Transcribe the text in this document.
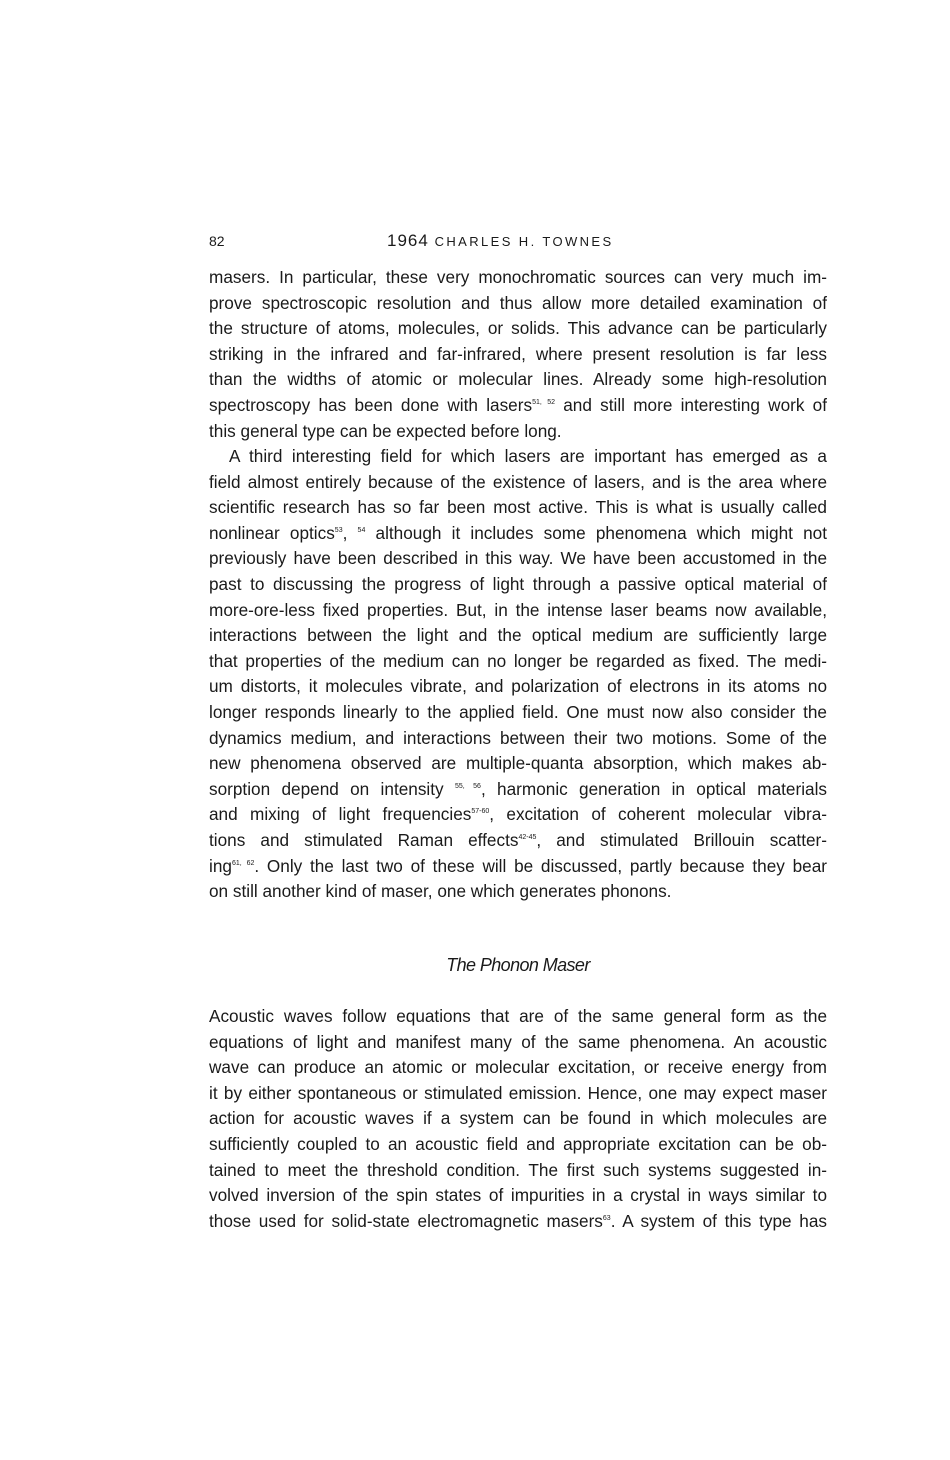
82	1964 CHARLES H. TOWNES
masers. In particular, these very monochromatic sources can very much im-
prove spectroscopic resolution and thus allow more detailed examination of
the structure of atoms, molecules, or solids. This advance can be particularly
striking in the infrared and far-infrared, where present resolution is far less
than the widths of atomic or molecular lines. Already some high-resolution
spectroscopy has been done with lasers$^{51, 52}$ and still more interesting work of
this general type can be expected before long.
A third interesting field for which lasers are important has emerged as a
field almost entirely because of the existence of lasers, and is the area where
scientific research has so far been most active. This is what is usually called
nonlinear optics$^{53}$, $^{54}$ although it includes some phenomena which might not
previously have been described in this way. We have been accustomed in the
past to discussing the progress of light through a passive optical material of
more-ore-less fixed properties. But, in the intense laser beams now available,
interactions between the light and the optical medium are sufficiently large
that properties of the medium can no longer be regarded as fixed. The medi-
um distorts, it molecules vibrate, and polarization of electrons in its atoms no
longer responds linearly to the applied field. One must now also consider the
dynamics medium, and interactions between their two motions. Some of the
new phenomena observed are multiple-quanta absorption, which makes ab-
sorption depend on intensity $^{55, 56}$, harmonic generation in optical materials
and mixing of light frequencies$^{57-60}$, excitation of coherent molecular vibra-
tions and stimulated Raman effects$^{42-45}$, and stimulated Brillouin scatter-
ing$^{61, 62}$. Only the last two of these will be discussed, partly because they bear
on still another kind of maser, one which generates phonons.
The Phonon Maser
Acoustic waves follow equations that are of the same general form as the
equations of light and manifest many of the same phenomena. An acoustic
wave can produce an atomic or molecular excitation, or receive energy from
it by either spontaneous or stimulated emission. Hence, one may expect maser
action for acoustic waves if a system can be found in which molecules are
sufficiently coupled to an acoustic field and appropriate excitation can be ob-
tained to meet the threshold condition. The first such systems suggested in-
volved inversion of the spin states of impurities in a crystal in ways similar to
those used for solid-state electromagnetic masers$^{63}$. A system of this type has
